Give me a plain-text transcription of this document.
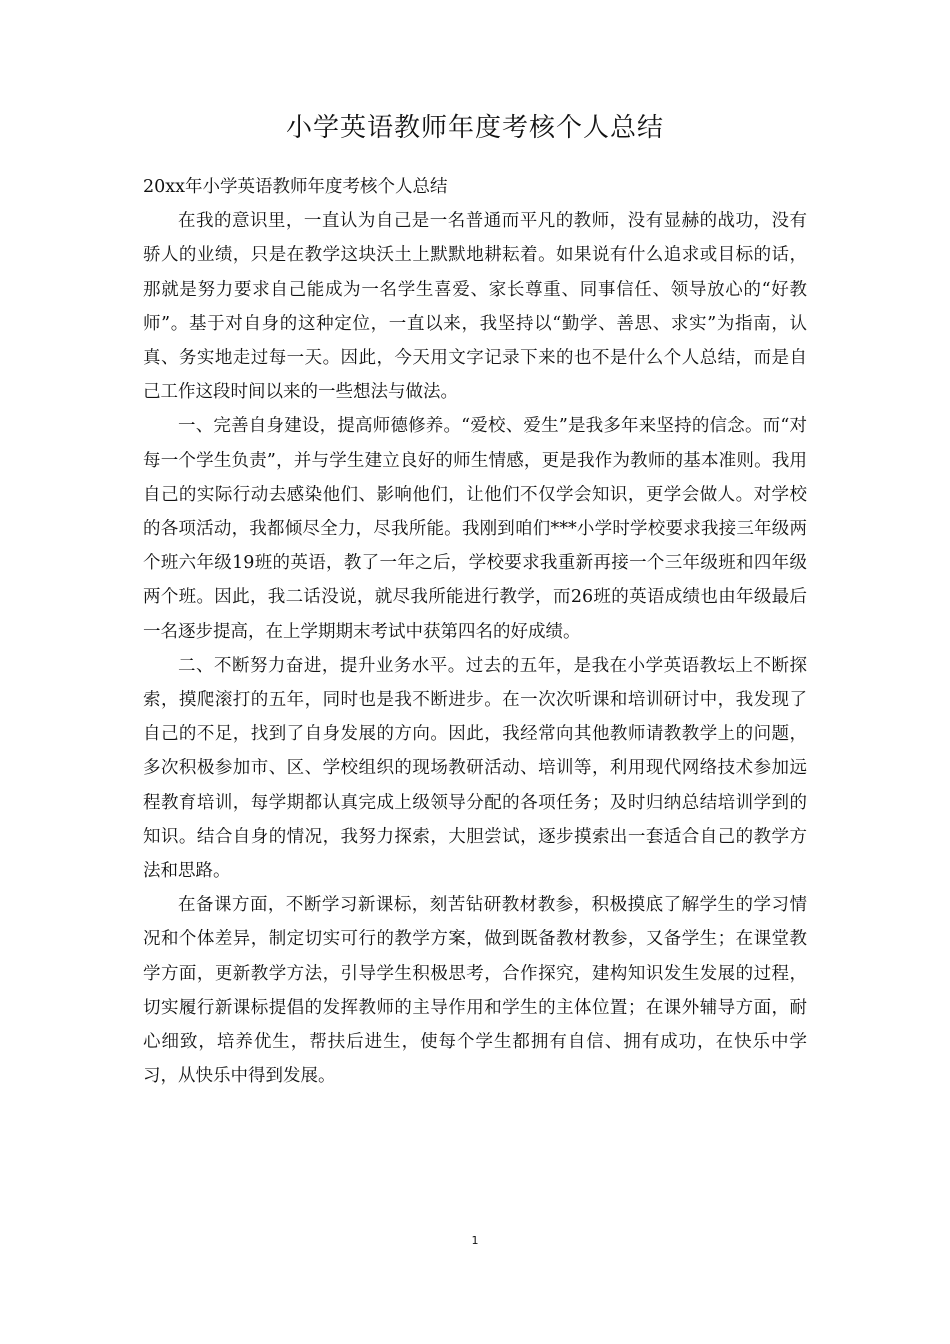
小学英语教师年度考核个人总结

20xx年小学英语教师年度考核个人总结

在我的意识里，一直认为自己是一名普通而平凡的教师，没有显赫的战功，没有骄人的业绩，只是在教学这块沃土上默默地耕耘着。如果说有什么追求或目标的话，那就是努力要求自己能成为一名学生喜爱、家长尊重、同事信任、领导放心的“好教师”。基于对自身的这种定位，一直以来，我坚持以“勤学、善思、求实”为指南，认真、务实地走过每一天。因此，今天用文字记录下来的也不是什么个人总结，而是自己工作这段时间以来的一些想法与做法。

一、完善自身建设，提高师德修养。“爱校、爱生”是我多年来坚持的信念。而“对每一个学生负责”，并与学生建立良好的师生情感，更是我作为教师的基本准则。我用自己的实际行动去感染他们、影响他们，让他们不仅学会知识，更学会做人。对学校的各项活动，我都倾尽全力，尽我所能。我刚到咱们***小学时学校要求我接三年级两个班六年级19班的英语，教了一年之后，学校要求我重新再接一个三年级班和四年级两个班。因此，我二话没说，就尽我所能进行教学，而26班的英语成绩也由年级最后一名逐步提高，在上学期期末考试中获第四名的好成绩。

二、不断努力奋进，提升业务水平。过去的五年，是我在小学英语教坛上不断探索，摸爬滚打的五年，同时也是我不断进步。在一次次听课和培训研讨中，我发现了自己的不足，找到了自身发展的方向。因此，我经常向其他教师请教教学上的问题，多次积极参加市、区、学校组织的现场教研活动、培训等，利用现代网络技术参加远程教育培训，每学期都认真完成上级领导分配的各项任务；及时归纳总结培训学到的知识。结合自身的情况，我努力探索，大胆尝试，逐步摸索出一套适合自己的教学方法和思路。

在备课方面，不断学习新课标，刻苦钻研教材教参，积极摸底了解学生的学习情况和个体差异，制定切实可行的教学方案，做到既备教材教参，又备学生；在课堂教学方面，更新教学方法，引导学生积极思考，合作探究，建构知识发生发展的过程，切实履行新课标提倡的发挥教师的主导作用和学生的主体位置；在课外辅导方面，耐心细致，培养优生，帮扶后进生，使每个学生都拥有自信、拥有成功，在快乐中学习，从快乐中得到发展。

1
